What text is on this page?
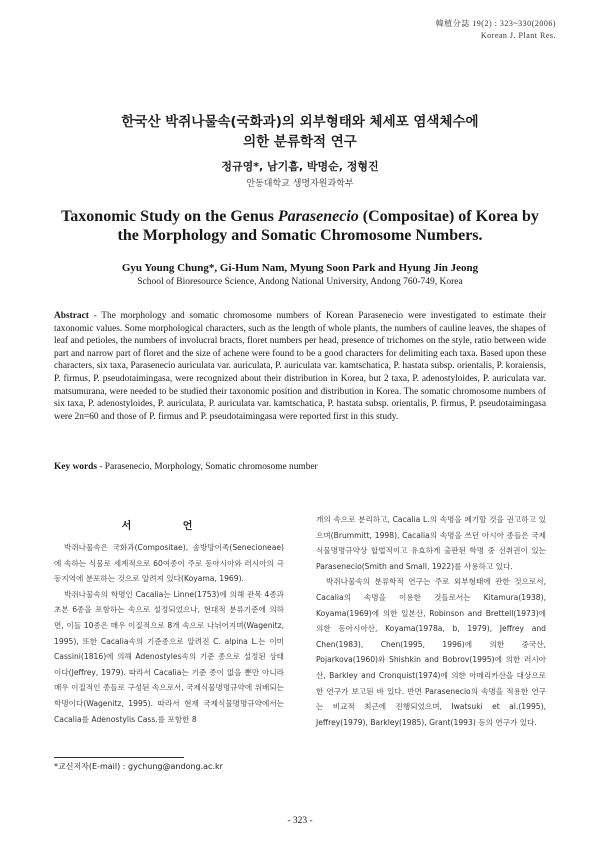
韓植分誌 19(2) : 323~330(2006)
Korean J. Plant Res.
한국산 박쥐나물속(국화과)의 외부형태와 체세포 염색체수에
의한 분류학적 연구
정규영*, 남기흠, 박명순, 정형진
안동대학교 생명자원과학부
Taxonomic Study on the Genus Parasenecio (Compositae) of Korea by
the Morphology and Somatic Chromosome Numbers.
Gyu Young Chung*, Gi-Hum Nam, Myung Soon Park and Hyung Jin Jeong
School of Bioresource Science, Andong National University, Andong 760-749, Korea
Abstract - The morphology and somatic chromosome numbers of Korean Parasenecio were investigated to estimate their taxonomic values. Some morphological characters, such as the length of whole plants, the numbers of cauline leaves, the shapes of leaf and petioles, the numbers of involucral bracts, floret numbers per head, presence of trichomes on the style, ratio between wide part and narrow part of floret and the size of achene were found to be a good characters for delimiting each taxa. Based upon these characters, six taxa, Parasenecio auriculata var. auriculata, P. auriculata var. kamtschatica, P. hastata subsp. orientalis, P. koraiensis, P. firmus, P. pseudotaimingasa, were recognized about their distribution in Korea, but 2 taxa, P. adenostyloides, P. auriculata var. matsumurana, were needed to be studied their taxonomic position and distribution in Korea. The somatic chromosome numbers of six taxa, P. adenostyloides, P. auriculata, P. auriculata var. kamtschatica, P. hastata subsp. orientalis, P. firmus, P. pseudotaimingasa were 2n=60 and those of P. firmus and P. pseudotaimingasa were reported first in this study.
Key words - Parasenecio, Morphology, Somatic chromosome number
서 언

박쥐나물속은 국화과(Compositae), 솜방망이족(Senecioneae)에 속하는 식물로 세계적으로 60여종이 주로 동아시아와 러시아의 극동지역에 분포하는 것으로 알려져 있다(Koyama, 1969).

박쥐나물속의 학명인 Cacalia는 Linne(1753)에 의해 관목 4종과 초본 6종을 포함하는 속으로 설정되었으나, 현대적 분류기준에 의하면, 이들 10종은 매우 이질적으로 8개 속으로 나뉘어지며(Wagenitz, 1995), 또한 Cacalia속의 기준종으로 알려진 C. alpina L.는 이미 Cassini(1816)에 의해 Adenostyles속의 기준 종으로 설정된 상태이다(Jeffrey, 1979). 따라서 Cacalia는 기준 종이 없을 뿐만 아니라 매우 이질적인 종들로 구성된 속으로서, 국제식물명명규약에 위배되는 학명이다(Wagenitz, 1995). 따라서 현재 국제식물명명규약에서는 Cacalia를 Adenostylis Cass.를 포함한 8

개의 속으로 분리하고, Cacalia L.의 속명을 폐기할 것을 권고하고 있으며(Brummitt, 1998), Cacalia의 속명을 쓰던 아시아 종들은 국제식물명명규약상 합법적이고 유효하게 출판된 학명 중 선취권이 있는 Parasenecio(Smith and Small, 1922)를 사용하고 있다.

박쥐나물속의 분류학적 연구는 주로 외부형태에 관한 것으로서, Cacalia의 속명을 이용한 것들로서는 Kitamura(1938), Koyama(1969)에 의한 일본산, Robinson and Brettell(1973)에 의한 동아시아산, Koyama(1978a, b, 1979), Jeffrey and Chen(1983), Chen(1995, 1996)에 의한 중국산, Pojarkova(1960)와 Shishkin and Bobrov(1995)에 의한 러시아산, Barkley and Cronquist(1974)에 의한 아메리카산을 대상으로 한 연구가 보고된 바 있다. 반면 Parasenecio의 속명을 적용한 연구는 비교적 최근에 진행되었으며, Iwatsuki et al.(1995), Jeffrey(1979), Barkley(1985), Grant(1993) 등의 연구가 있다.

*교신저자(E-mail) : gychung@andong.ac.kr
- 323 -
